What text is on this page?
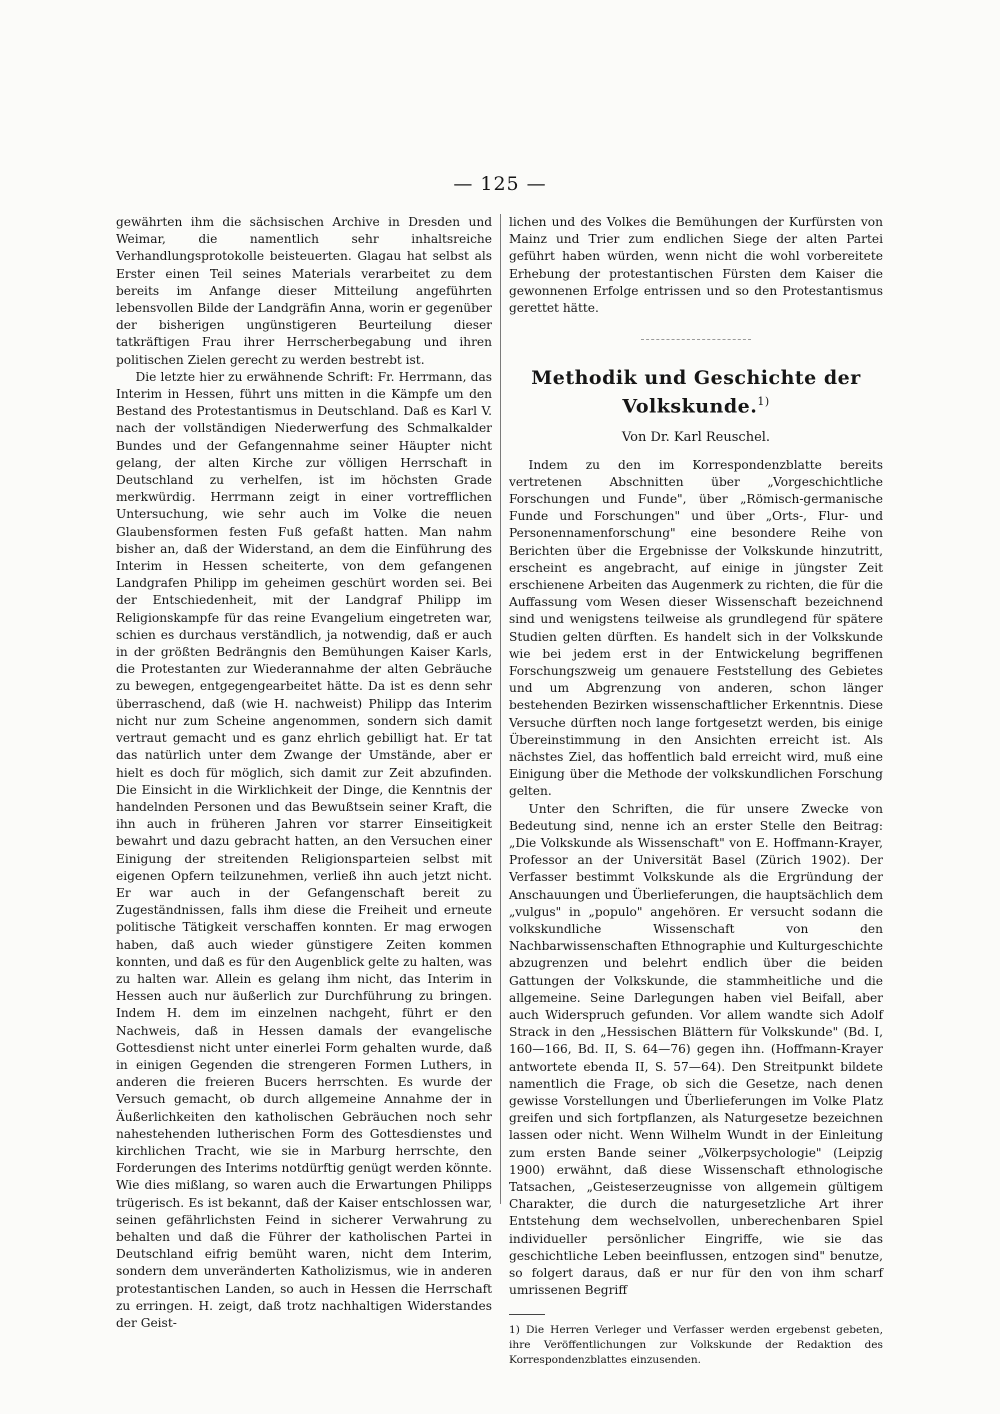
— 125 —

gewährten ihm die sächsischen Archive in Dresden und Weimar, die namentlich sehr inhaltsreiche Verhandlungsprotokolle beisteuerten. Glagau hat selbst als Erster einen Teil seines Materials verarbeitet zu dem bereits im Anfange dieser Mitteilung angeführten lebensvollen Bilde der Landgräfin Anna, worin er gegenüber der bisherigen ungünstigeren Beurteilung dieser tatkräftigen Frau ihrer Herrscherbegabung und ihren politischen Zielen gerecht zu werden bestrebt ist.

Die letzte hier zu erwähnende Schrift: Fr. Herrmann, das Interim in Hessen, führt uns mitten in die Kämpfe um den Bestand des Protestantismus in Deutschland. Daß es Karl V. nach der vollständigen Niederwerfung des Schmalkalder Bundes und der Gefangennahme seiner Häupter nicht gelang, der alten Kirche zur völligen Herrschaft in Deutschland zu verhelfen, ist im höchsten Grade merkwürdig. Herrmann zeigt in einer vortrefflichen Untersuchung, wie sehr auch im Volke die neuen Glaubensformen festen Fuß gefaßt hatten. Man nahm bisher an, daß der Widerstand, an dem die Einführung des Interim in Hessen scheiterte, von dem gefangenen Landgrafen Philipp im geheimen geschürt worden sei. Bei der Entschiedenheit, mit der Landgraf Philipp im Religionskampfe für das reine Evangelium eingetreten war, schien es durchaus verständlich, ja notwendig, daß er auch in der größten Bedrängnis den Bemühungen Kaiser Karls, die Protestanten zur Wiederannahme der alten Gebräuche zu bewegen, entgegengearbeitet hätte. Da ist es denn sehr überraschend, daß (wie H. nachweist) Philipp das Interim nicht nur zum Scheine angenommen, sondern sich damit vertraut gemacht und es ganz ehrlich gebilligt hat. Er tat das natürlich unter dem Zwange der Umstände, aber er hielt es doch für möglich, sich damit zur Zeit abzufinden. Die Einsicht in die Wirklichkeit der Dinge, die Kenntnis der handelnden Personen und das Bewußtsein seiner Kraft, die ihn auch in früheren Jahren vor starrer Einseitigkeit bewahrt und dazu gebracht hatten, an den Versuchen einer Einigung der streitenden Religionsparteien selbst mit eigenen Opfern teilzunehmen, verließ ihn auch jetzt nicht. Er war auch in der Gefangenschaft bereit zu Zugeständnissen, falls ihm diese die Freiheit und erneute politische Tätigkeit verschaffen konnten. Er mag erwogen haben, daß auch wieder günstigere Zeiten kommen konnten, und daß es für den Augenblick gelte zu halten, was zu halten war. Allein es gelang ihm nicht, das Interim in Hessen auch nur äußerlich zur Durchführung zu bringen. Indem H. dem im einzelnen nachgeht, führt er den Nachweis, daß in Hessen damals der evangelische Gottesdienst nicht unter einerlei Form gehalten wurde, daß in einigen Gegenden die strengeren Formen Luthers, in anderen die freieren Bucers herrschten. Es wurde der Versuch gemacht, ob durch allgemeine Annahme der in Äußerlichkeiten den katholischen Gebräuchen noch sehr nahestehenden lutherischen Form des Gottesdienstes und kirchlichen Tracht, wie sie in Marburg herrschte, den Forderungen des Interims notdürftig genügt werden könnte. Wie dies mißlang, so waren auch die Erwartungen Philipps trügerisch. Es ist bekannt, daß der Kaiser entschlossen war, seinen gefährlichsten Feind in sicherer Verwahrung zu behalten und daß die Führer der katholischen Partei in Deutschland eifrig bemüht waren, nicht dem Interim, sondern dem unveränderten Katholizismus, wie in anderen protestantischen Landen, so auch in Hessen die Herrschaft zu erringen. H. zeigt, daß trotz nachhaltigen Widerstandes der Geist-

lichen und des Volkes die Bemühungen der Kurfürsten von Mainz und Trier zum endlichen Siege der alten Partei geführt haben würden, wenn nicht die wohl vorbereitete Erhebung der protestantischen Fürsten dem Kaiser die gewonnenen Erfolge entrissen und so den Protestantismus gerettet hätte.

Methodik und Geschichte der Volkskunde.$^{1)}$
Von Dr. Karl Reuschel.

Indem zu den im Korrespondenzblatte bereits vertretenen Abschnitten über „Vorgeschichtliche Forschungen und Funde", über „Römisch-germanische Funde und Forschungen" und über „Orts-, Flur- und Personennamenforschung" eine besondere Reihe von Berichten über die Ergebnisse der Volkskunde hinzutritt, erscheint es angebracht, auf einige in jüngster Zeit erschienene Arbeiten das Augenmerk zu richten, die für die Auffassung vom Wesen dieser Wissenschaft bezeichnend sind und wenigstens teilweise als grundlegend für spätere Studien gelten dürften. Es handelt sich in der Volkskunde wie bei jedem erst in der Entwickelung begriffenen Forschungszweig um genauere Feststellung des Gebietes und um Abgrenzung von anderen, schon länger bestehenden Bezirken wissenschaftlicher Erkenntnis. Diese Versuche dürften noch lange fortgesetzt werden, bis einige Übereinstimmung in den Ansichten erreicht ist. Als nächstes Ziel, das hoffentlich bald erreicht wird, muß eine Einigung über die Methode der volkskundlichen Forschung gelten.

Unter den Schriften, die für unsere Zwecke von Bedeutung sind, nenne ich an erster Stelle den Beitrag: „Die Volkskunde als Wissenschaft" von E. Hoffmann-Krayer, Professor an der Universität Basel (Zürich 1902). Der Verfasser bestimmt Volkskunde als die Ergründung der Anschauungen und Überlieferungen, die hauptsächlich dem „vulgus" in „populo" angehören. Er versucht sodann die volkskundliche Wissenschaft von den Nachbarwissenschaften Ethnographie und Kulturgeschichte abzugrenzen und belehrt endlich über die beiden Gattungen der Volkskunde, die stammheitliche und die allgemeine. Seine Darlegungen haben viel Beifall, aber auch Widerspruch gefunden. Vor allem wandte sich Adolf Strack in den „Hessischen Blättern für Volkskunde" (Bd. I, 160—166, Bd. II, S. 64—76) gegen ihn. (Hoffmann-Krayer antwortete ebenda II, S. 57—64). Den Streitpunkt bildete namentlich die Frage, ob sich die Gesetze, nach denen gewisse Vorstellungen und Überlieferungen im Volke Platz greifen und sich fortpflanzen, als Naturgesetze bezeichnen lassen oder nicht. Wenn Wilhelm Wundt in der Einleitung zum ersten Bande seiner „Völkerpsychologie" (Leipzig 1900) erwähnt, daß diese Wissenschaft ethnologische Tatsachen, „Geisteserzeugnisse von allgemein gültigem Charakter, die durch die naturgesetzliche Art ihrer Entstehung dem wechselvollen, unberechenbaren Spiel individueller persönlicher Eingriffe, wie sie das geschichtliche Leben beeinflussen, entzogen sind" benutze, so folgert daraus, daß er nur für den von ihm scharf umrissenen Begriff

1) Die Herren Verleger und Verfasser werden ergebenst gebeten, ihre Veröffentlichungen zur Volkskunde der Redaktion des Korrespondenzblattes einzusenden.
